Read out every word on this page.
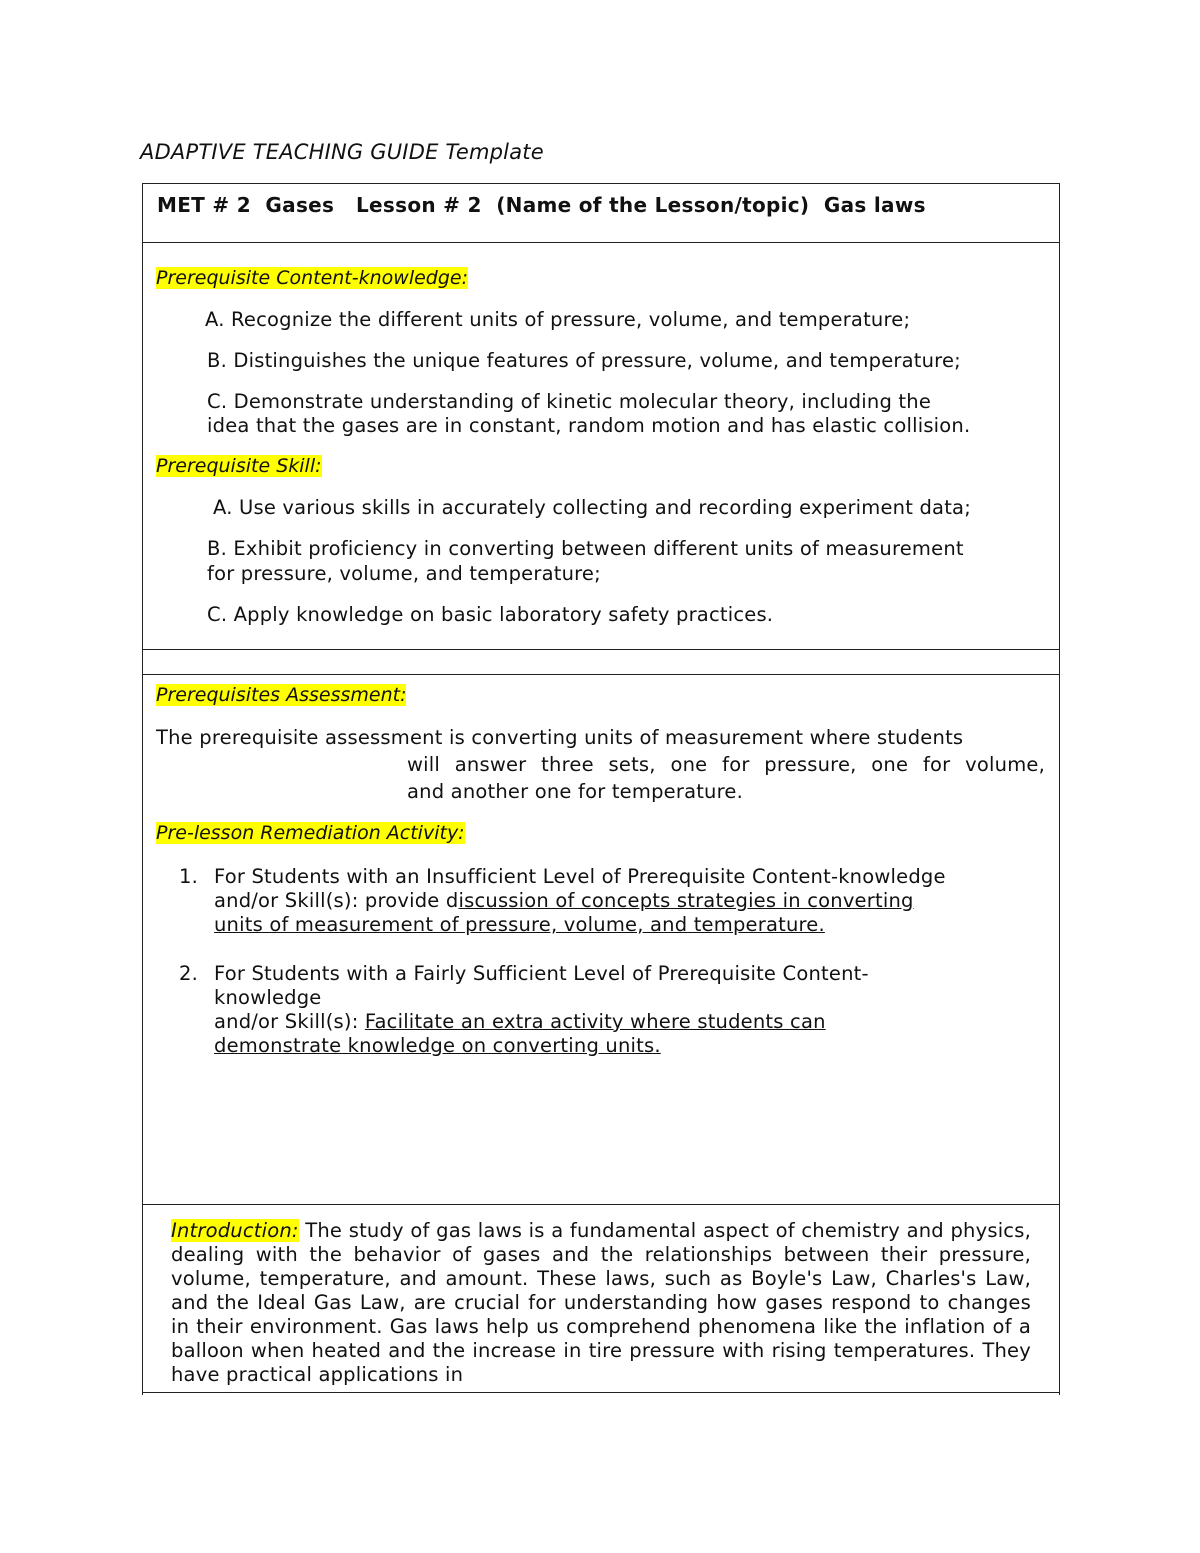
ADAPTIVE TEACHING GUIDE Template
MET # 2  Gases   Lesson # 2  (Name of the Lesson/topic)  Gas laws
Prerequisite Content-knowledge:
A. Recognize the different units of pressure, volume, and temperature;
B. Distinguishes the unique features of pressure, volume, and temperature;
C. Demonstrate understanding of kinetic molecular theory, including the
idea that the gases are in constant, random motion and has elastic collision.
Prerequisite Skill:
A. Use various skills in accurately collecting and recording experiment data;
B. Exhibit proficiency in converting between different units of measurement
for pressure, volume, and temperature;
C. Apply knowledge on basic laboratory safety practices.
Prerequisites Assessment:
The prerequisite assessment is converting units of measurement where students
will answer three sets, one for pressure, one for volume,
and another one for temperature.
Pre-lesson Remediation Activity:
1. For Students with an Insufficient Level of Prerequisite Content-knowledge
and/or Skill(s): provide discussion of concepts strategies in converting
units of measurement of pressure, volume, and temperature.
2. For Students with a Fairly Sufficient Level of Prerequisite Content-
knowledge
and/or Skill(s): Facilitate an extra activity where students can
demonstrate knowledge on converting units.
Introduction: The study of gas laws is a fundamental aspect of chemistry and physics, dealing with the behavior of gases and the relationships between their pressure, volume, temperature, and amount. These laws, such as Boyle's Law, Charles's Law, and the Ideal Gas Law, are crucial for understanding how gases respond to changes in their environment. Gas laws help us comprehend phenomena like the inflation of a balloon when heated and the increase in tire pressure with rising temperatures. They have practical applications in
